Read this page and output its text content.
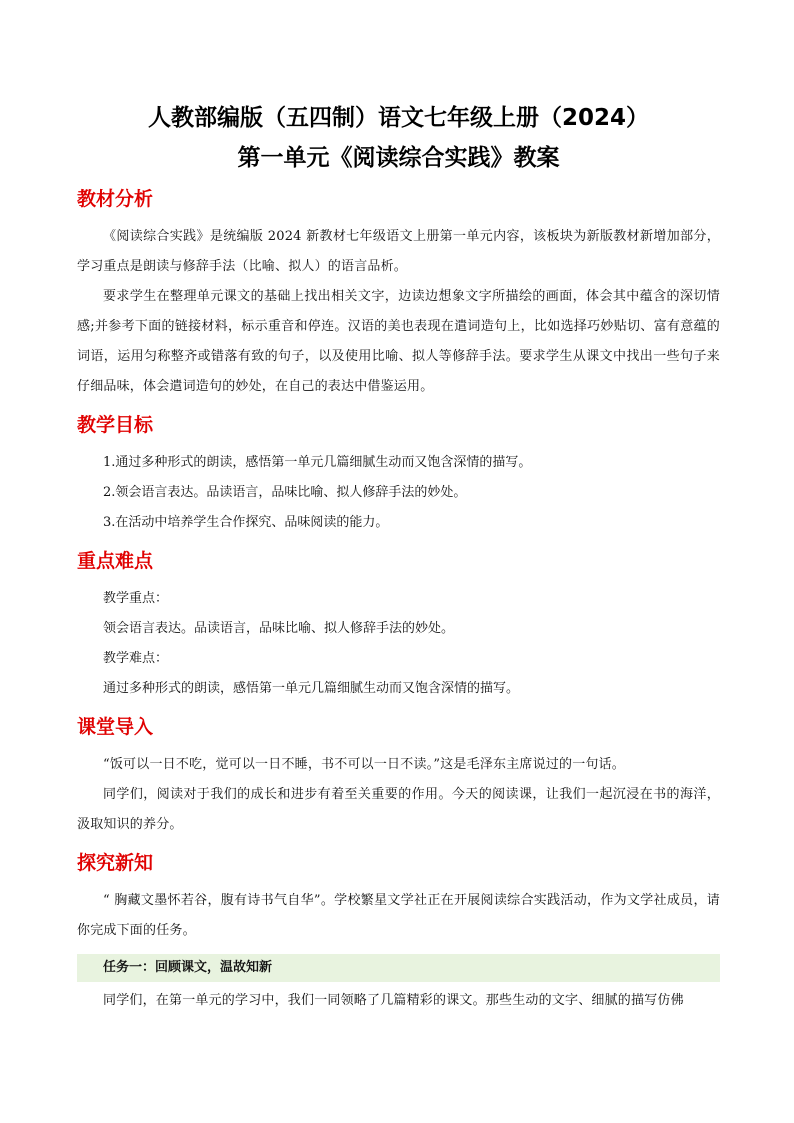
人教部编版（五四制）语文七年级上册（2024）
第一单元《阅读综合实践》教案
教材分析

《阅读综合实践》是统编版 2024 新教材七年级语文上册第一单元内容，该板块为新版教材新增加部分，学习重点是朗读与修辞手法（比喻、拟人）的语言品析。

要求学生在整理单元课文的基础上找出相关文字，边读边想象文字所描绘的画面，体会其中蕴含的深切情感;并参考下面的链接材料，标示重音和停连。汉语的美也表现在遣词造句上，比如选择巧妙贴切、富有意蕴的词语，运用匀称整齐或错落有致的句子，以及使用比喻、拟人等修辞手法。要求学生从课文中找出一些句子来仔细品味，体会遣词造句的妙处，在自己的表达中借鉴运用。

教学目标

1.通过多种形式的朗读，感悟第一单元几篇细腻生动而又饱含深情的描写。

2.领会语言表达。品读语言，品味比喻、拟人修辞手法的妙处。

3.在活动中培养学生合作探究、品味阅读的能力。

重点难点

教学重点：

领会语言表达。品读语言，品味比喻、拟人修辞手法的妙处。

教学难点：

通过多种形式的朗读，感悟第一单元几篇细腻生动而又饱含深情的描写。

课堂导入

“饭可以一日不吃，觉可以一日不睡，书不可以一日不读。”这是毛泽东主席说过的一句话。

同学们，阅读对于我们的成长和进步有着至关重要的作用。今天的阅读课，让我们一起沉浸在书的海洋，汲取知识的养分。

探究新知

“ 胸藏文墨怀若谷，腹有诗书气自华”。学校繁星文学社正在开展阅读综合实践活动，作为文学社成员，请你完成下面的任务。

任务一：回顾课文，温故知新

同学们，在第一单元的学习中，我们一同领略了几篇精彩的课文。那些生动的文字、细腻的描写仿佛
